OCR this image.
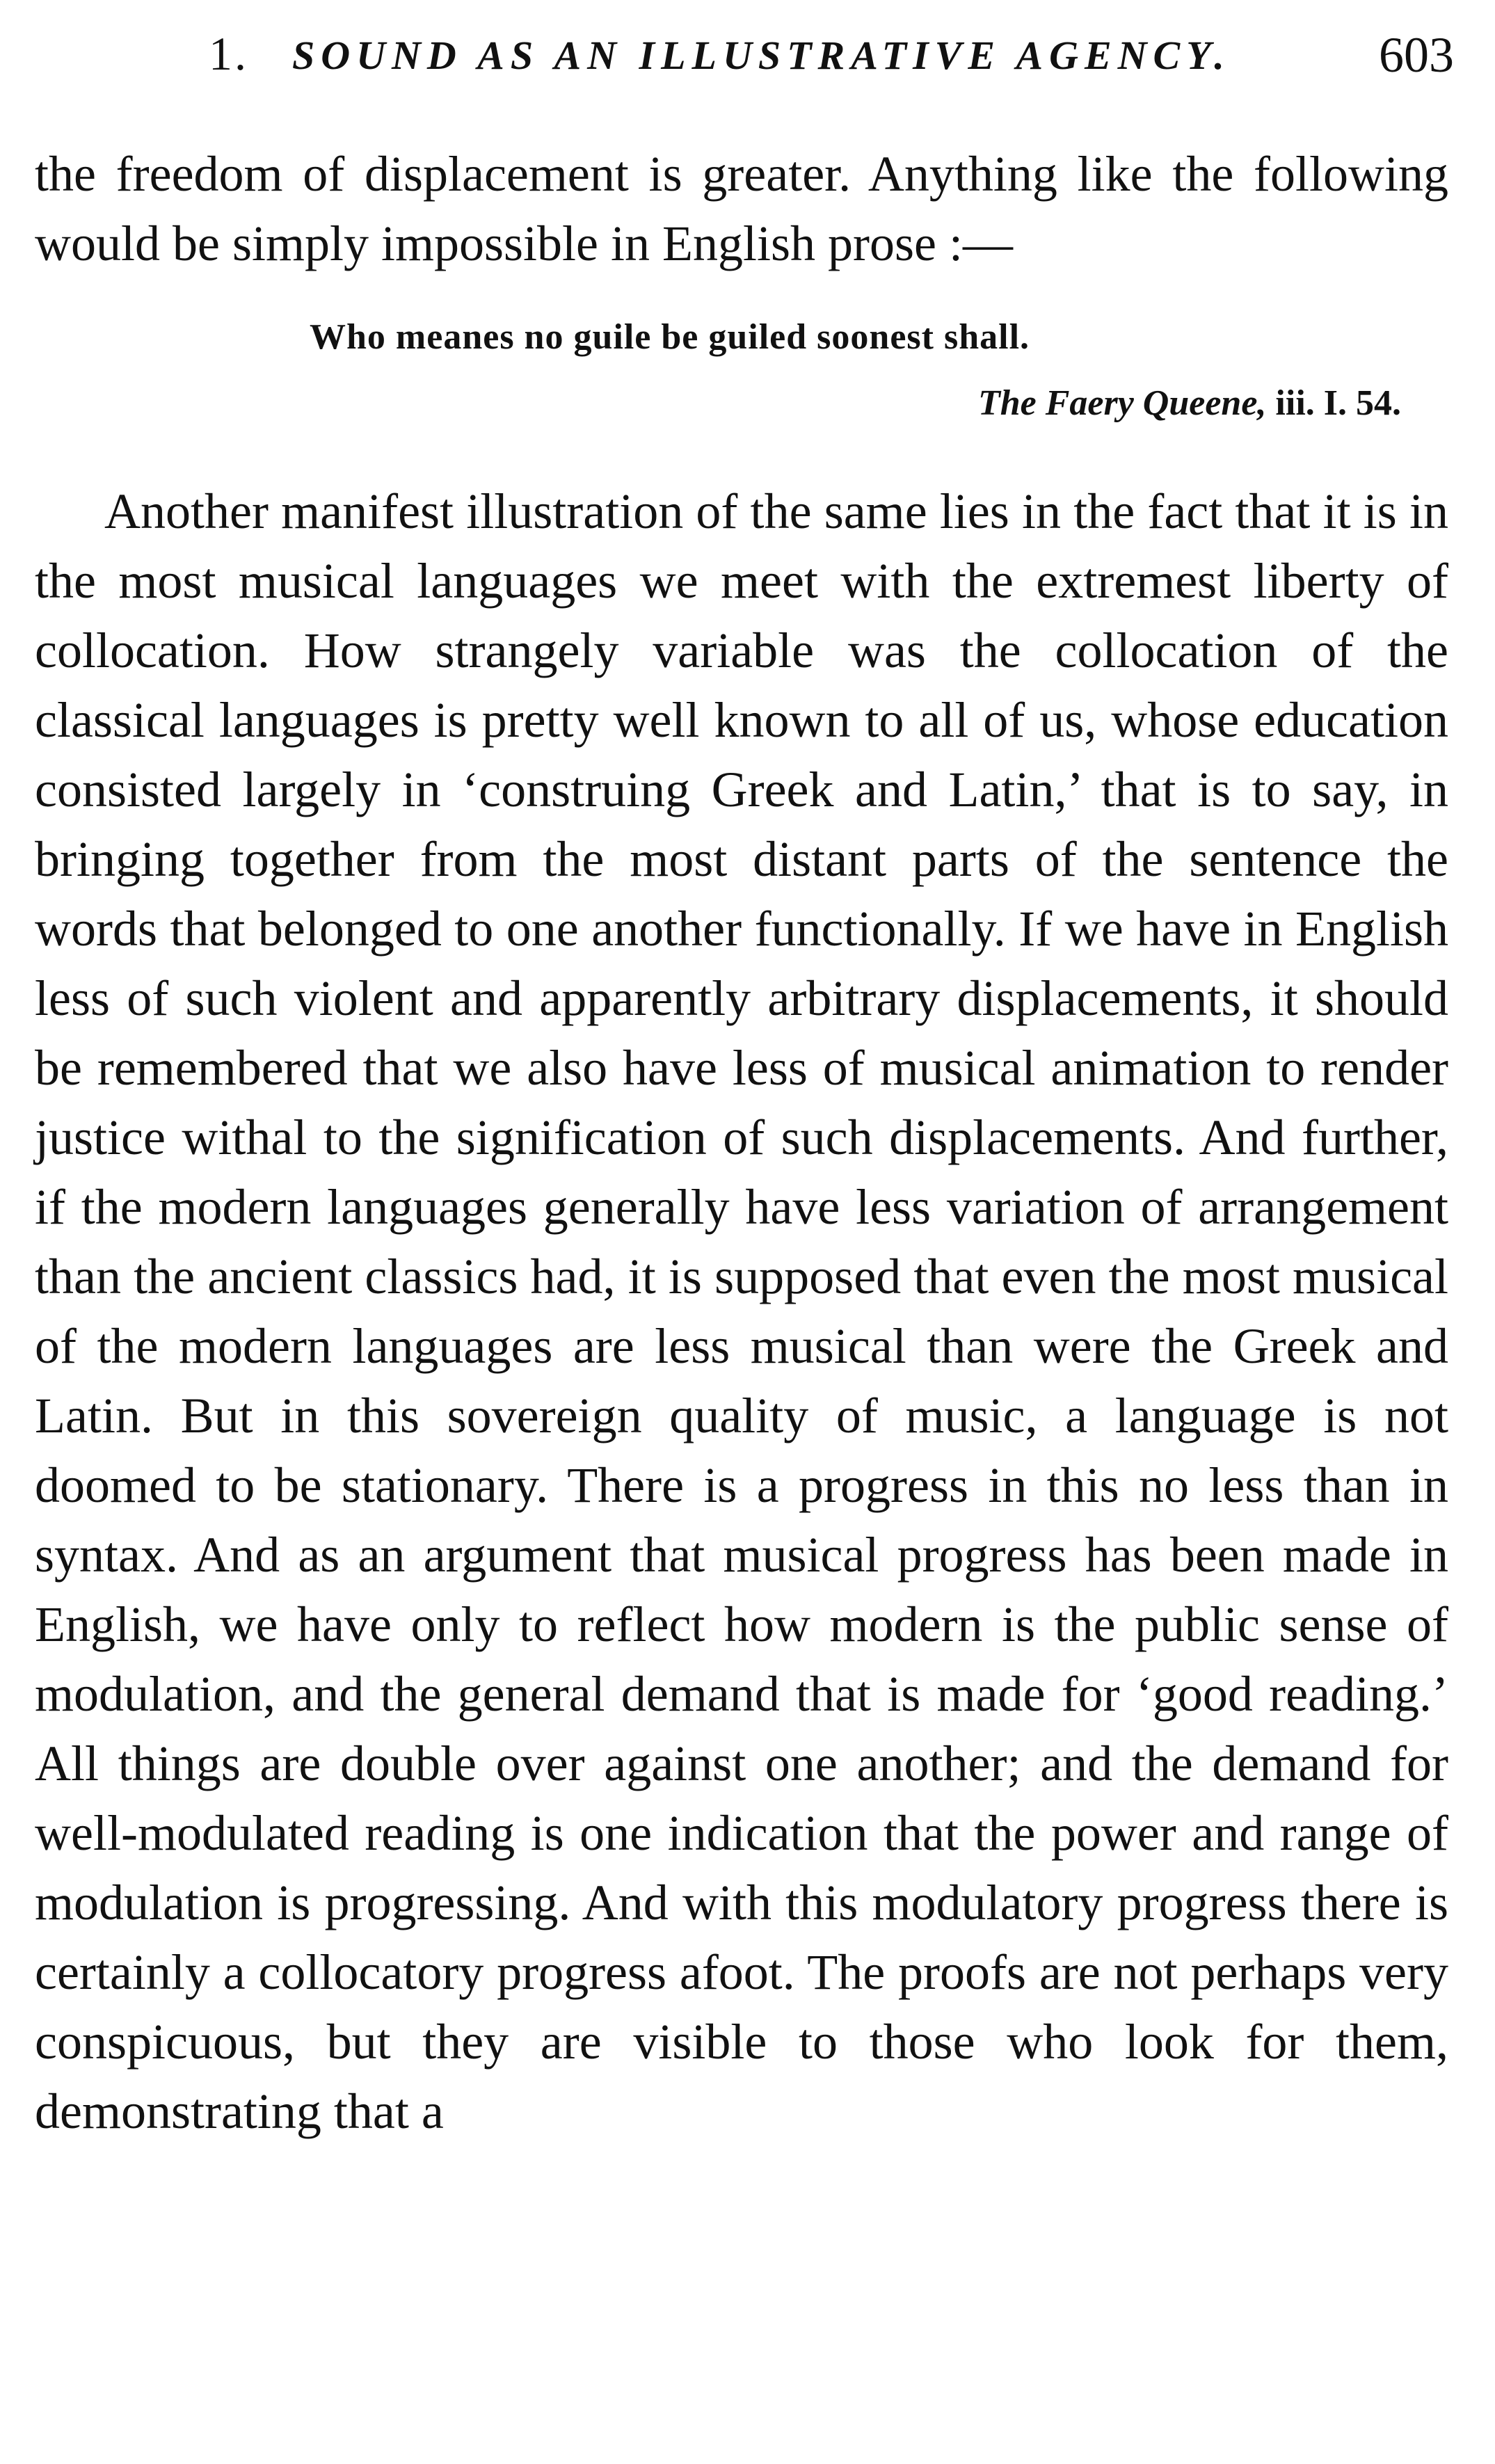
1. SOUND AS AN ILLUSTRATIVE AGENCY.	603

the freedom of displacement is greater. Anything like the following would be simply impossible in English prose :—

Who meanes no guile be guiled soonest shall.
The Faery Queene, iii. I. 54.

Another manifest illustration of the same lies in the fact that it is in the most musical languages we meet with the extremest liberty of collocation. How strangely variable was the collocation of the classical languages is pretty well known to all of us, whose education consisted largely in ‘construing Greek and Latin,’ that is to say, in bringing together from the most distant parts of the sentence the words that belonged to one another functionally. If we have in English less of such violent and apparently arbitrary displacements, it should be remembered that we also have less of musical animation to render justice withal to the signification of such displacements. And further, if the modern languages generally have less variation of arrangement than the ancient classics had, it is supposed that even the most musical of the modern languages are less musical than were the Greek and Latin. But in this sovereign quality of music, a language is not doomed to be stationary. There is a progress in this no less than in syntax. And as an argument that musical progress has been made in English, we have only to reflect how modern is the public sense of modulation, and the general demand that is made for ‘good reading.’ All things are double over against one another; and the demand for well-modulated reading is one indication that the power and range of modulation is progressing. And with this modulatory progress there is certainly a collocatory progress afoot. The proofs are not perhaps very conspicuous, but they are visible to those who look for them, demonstrating that a
